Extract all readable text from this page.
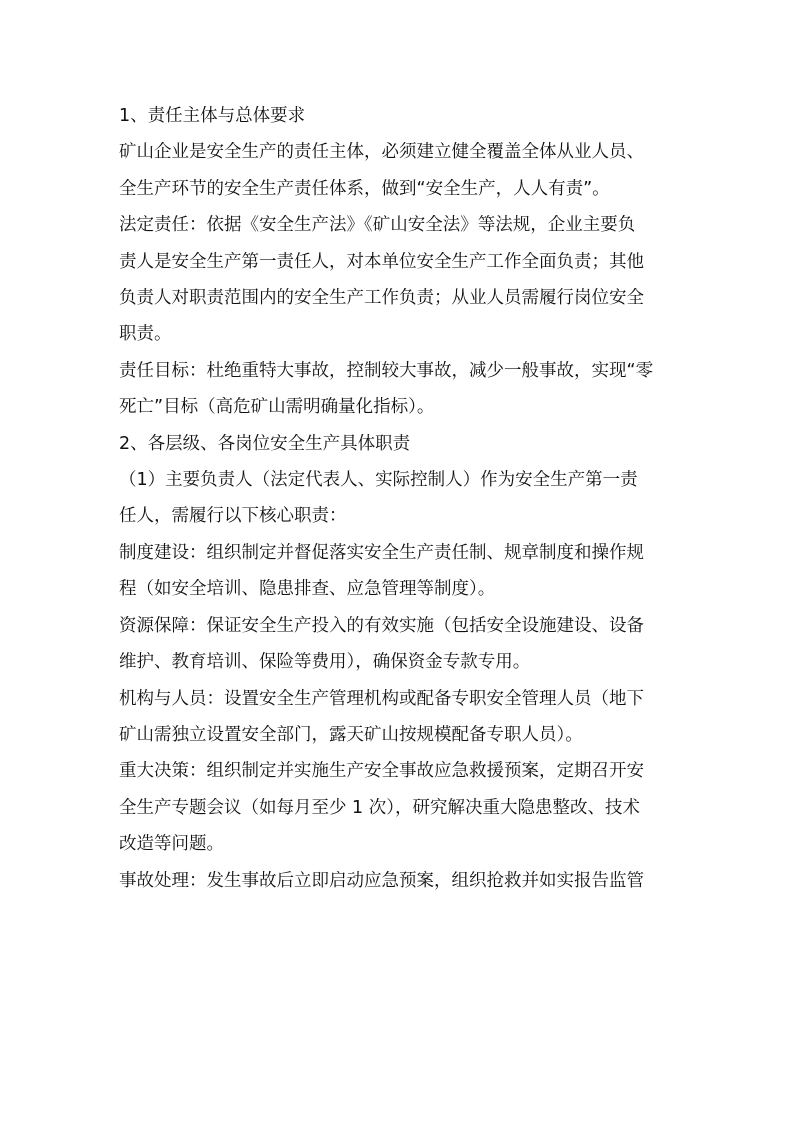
1、责任主体与总体要求

矿山企业是安全生产的责任主体，必须建立健全覆盖全体从业人员、

全生产环节的安全生产责任体系，做到“安全生产，人人有责”。

法定责任：依据《安全生产法》《矿山安全法》等法规，企业主要负

责人是安全生产第一责任人，对本单位安全生产工作全面负责；其他

负责人对职责范围内的安全生产工作负责；从业人员需履行岗位安全

职责。

责任目标：杜绝重特大事故，控制较大事故，减少一般事故，实现“零

死亡”目标（高危矿山需明确量化指标）。

2、各层级、各岗位安全生产具体职责

（1）主要负责人（法定代表人、实际控制人）作为安全生产第一责

任人，需履行以下核心职责：

制度建设：组织制定并督促落实安全生产责任制、规章制度和操作规

程（如安全培训、隐患排查、应急管理等制度）。

资源保障：保证安全生产投入的有效实施（包括安全设施建设、设备

维护、教育培训、保险等费用），确保资金专款专用。

机构与人员：设置安全生产管理机构或配备专职安全管理人员（地下

矿山需独立设置安全部门，露天矿山按规模配备专职人员）。

重大决策：组织制定并实施生产安全事故应急救援预案，定期召开安

全生产专题会议（如每月至少 1 次），研究解决重大隐患整改、技术

改造等问题。

事故处理：发生事故后立即启动应急预案，组织抢救并如实报告监管
